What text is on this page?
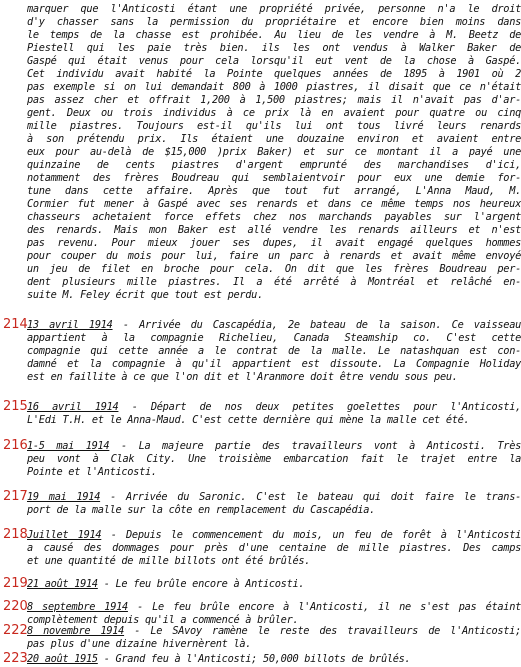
marquer que l'Anticosti étant une propriété privée, personne n'a le droit
d'y chasser sans la permission du propriétaire et encore bien moins dans
le temps de la chasse est prohibée. Au lieu de les vendre à M. Beetz de
Piestell qui les paie très bien. ils les ont vendus à Walker Baker de
Gaspé qui était venus pour cela lorsqu'il eut vent de la chose à Gaspé.
Cet individu avait habité la Pointe quelques années de 1895 à 1901 où 2
pas exemple si on lui demandait 800 à 1000 piastres, il disait que ce n'était
pas assez cher et offrait 1,200 à 1,500 piastres; mais il n'avait pas d'ar-
gent. Deux ou trois individus à ce prix là en avaient pour quatre ou cinq
mille piastres. Toujours est-il qu'ils lui ont tous livré leurs renards
à son prétendu prix. Ils étaient une douzaine environ et avaient entre
eux pour au-delà de $15,000 )prix Baker) et sur ce montant il a payé une
quinzaine de cents piastres d'argent emprunté des marchandises d'ici,
notamment des frères Boudreau qui semblaientvoir pour eux une demie for-
tune dans cette affaire. Après que tout fut arrangé, L'Anna Maud, M.
Cormier fut mener à Gaspé avec ses renards et dans ce même temps nos heureux
chasseurs achetaient force effets chez nos marchands payables sur l'argent
des renards. Mais mon Baker est allé vendre les renards ailleurs et n'est
pas revenu. Pour mieux jouer ses dupes, il avait engagé quelques hommes
pour couper du mois pour lui, faire un parc à renards et avait même envoyé
un jeu de filet en broche pour cela. On dit que les frères Boudreau per-
dent plusieurs mille piastres. Il a été arrêté à Montréal et relâché en-
suite M. Feley écrit que tout est perdu.
214 13 avril 1914 - Arrivée du Cascapédia, 2e bateau de la saison. Ce vaisseau
appartient à la compagnie Richelieu, Canada Steamship co. C'est cette
compagnie qui cette année a le contrat de la malle. Le natashquan est con-
damné et la compagnie à qu'il appartient est dissoute. La Compagnie Holiday
est en faillite à ce que l'on dit et l'Aranmore doit être vendu sous peu.
215 16 avril 1914 - Départ de nos deux petites goelettes pour l'Anticosti,
L'Edi T.H. et le Anna-Maud. C'est cette dernière qui mène la malle cet été.
216 1-5 mai 1914 - La majeure partie des travailleurs vont à Anticosti. Très
peu vont à Clak City. Une troisième embarcation fait le trajet entre la
Pointe et l'Anticosti.
217 19 mai 1914 - Arrivée du Saronic. C'est le bateau qui doit faire le trans-
port de la malle sur la côte en remplacement du Cascapédia.
218 Juillet 1914 - Depuis le commencement du mois, un feu de forêt à l'Anticosti
a causé des dommages pour près d'une centaine de mille piastres. Des camps
et une quantité de mille billots ont été brûlés.
219 21 août 1914 - Le feu brûle encore à Anticosti.
220 8 septembre 1914 - Le feu brûle encore à l'Anticosti, il ne s'est pas étaint
complètement depuis qu'il a commencé à brûler.
222 8 novembre 1914 - Le SAvoy ramène le reste des travailleurs de l'Anticosti;
pas plus d'une dizaine hivernèrent là.
223 20 août 1915 - Grand feu à l'Anticosti; 50,000 billots de brûlés.
